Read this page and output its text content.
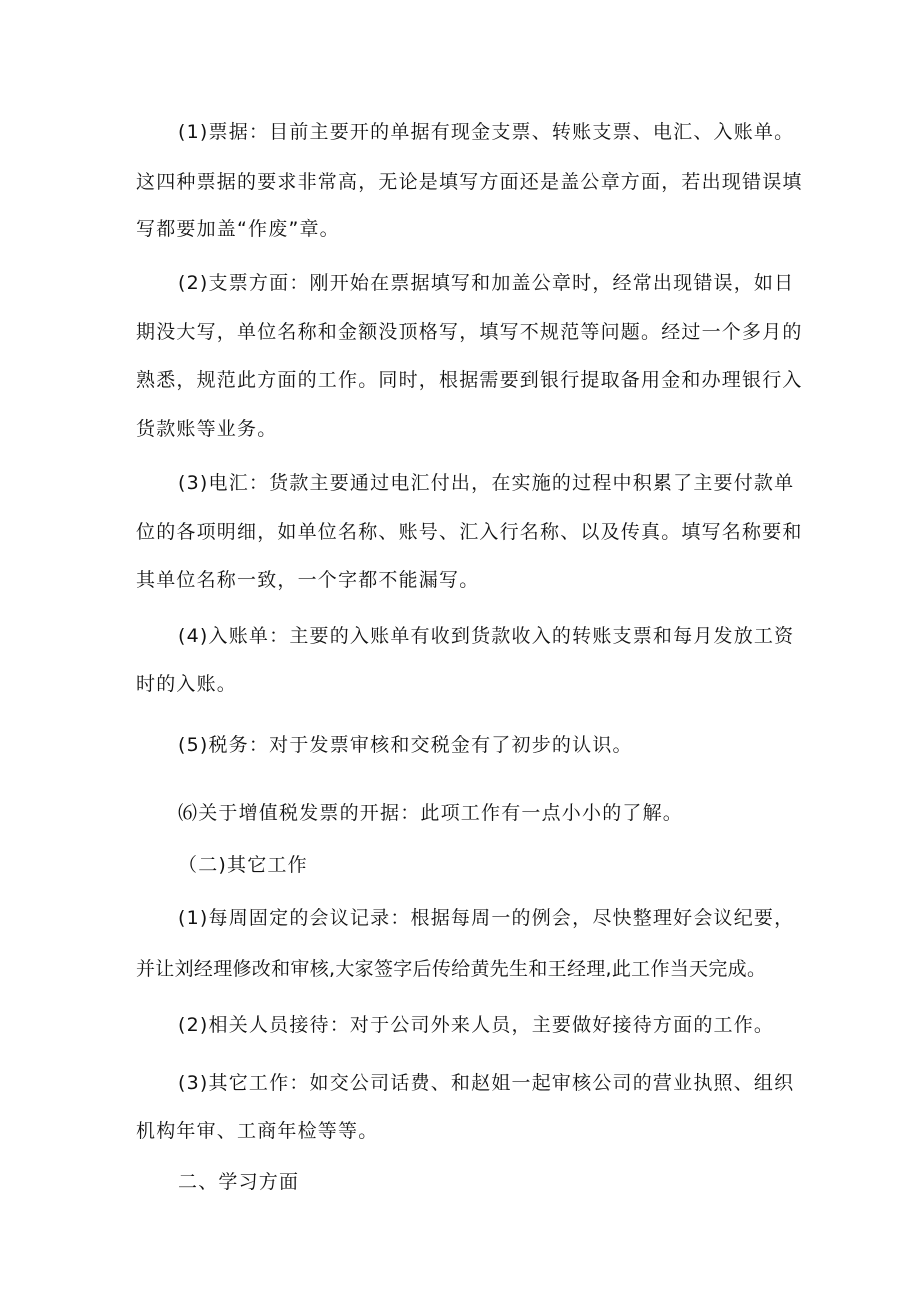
(1)票据：目前主要开的单据有现金支票、转账支票、电汇、入账单。
这四种票据的要求非常高，无论是填写方面还是盖公章方面，若出现错误填
写都要加盖“作废”章。
(2)支票方面：刚开始在票据填写和加盖公章时，经常出现错误，如日
期没大写，单位名称和金额没顶格写，填写不规范等问题。经过一个多月的
熟悉，规范此方面的工作。同时，根据需要到银行提取备用金和办理银行入
货款账等业务。
(3)电汇：货款主要通过电汇付出，在实施的过程中积累了主要付款单
位的各项明细，如单位名称、账号、汇入行名称、以及传真。填写名称要和
其单位名称一致，一个字都不能漏写。
(4)入账单：主要的入账单有收到货款收入的转账支票和每月发放工资
时的入账。
(5)税务：对于发票审核和交税金有了初步的认识。
⑹关于增值税发票的开据：此项工作有一点小小的了解。
（二)其它工作
(1)每周固定的会议记录：根据每周一的例会，尽快整理好会议纪要，
并让刘经理修改和审核,大家签字后传给黄先生和王经理,此工作当天完成。
(2)相关人员接待：对于公司外来人员，主要做好接待方面的工作。
(3)其它工作：如交公司话费、和赵姐一起审核公司的营业执照、组织
机构年审、工商年检等等。
二、学习方面
